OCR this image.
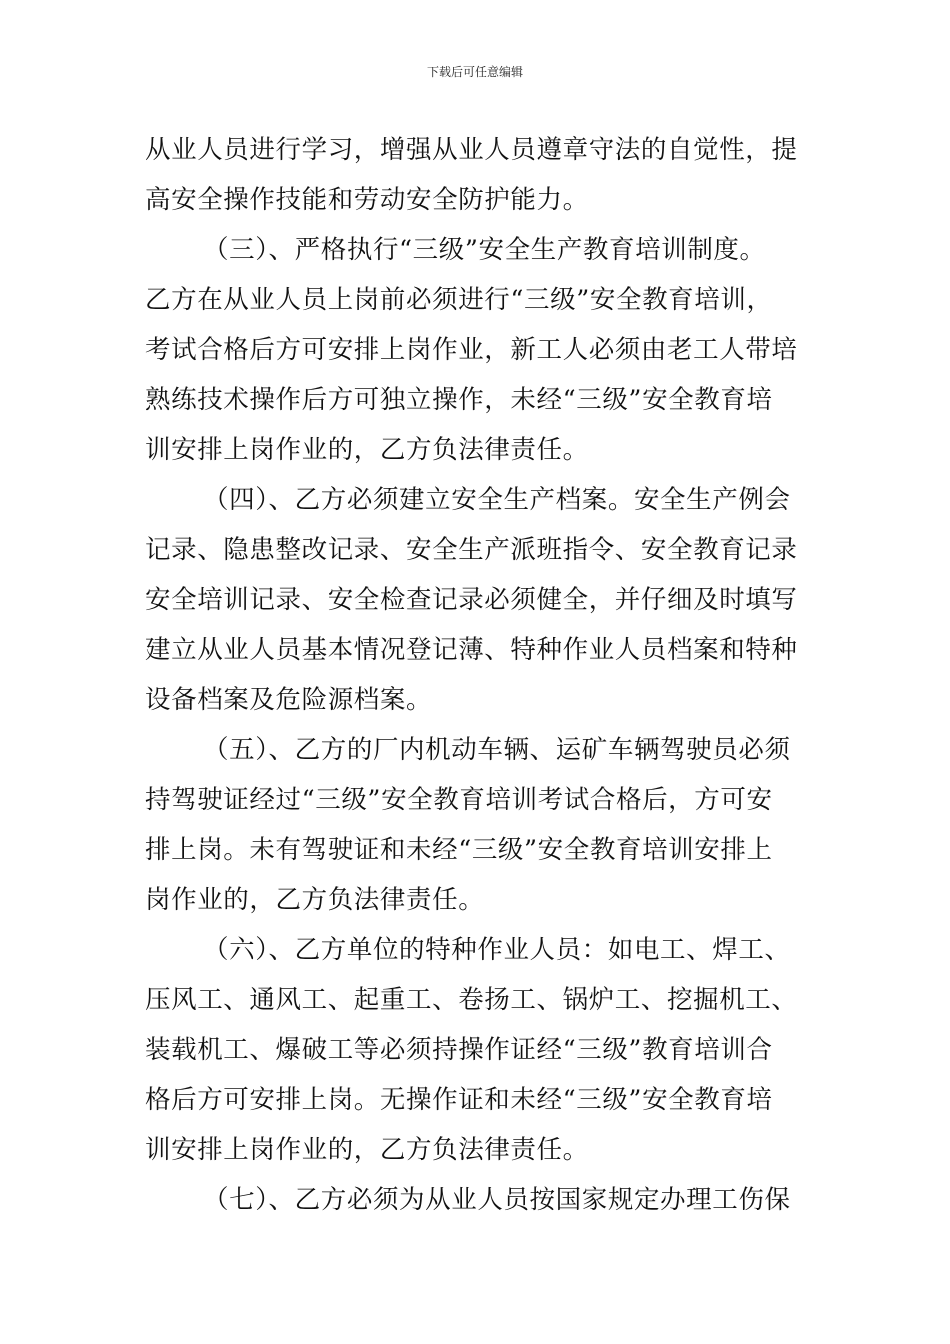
下载后可任意编辑
从业人员进行学习，增强从业人员遵章守法的自觉性，提
高安全操作技能和劳动安全防护能力。
（三）、严格执行“三级”安全生产教育培训制度。
乙方在从业人员上岗前必须进行“三级”安全教育培训，
考试合格后方可安排上岗作业，新工人必须由老工人带培
熟练技术操作后方可独立操作，未经“三级”安全教育培
训安排上岗作业的，乙方负法律责任。
（四）、乙方必须建立安全生产档案。安全生产例会
记录、隐患整改记录、安全生产派班指令、安全教育记录
安全培训记录、安全检查记录必须健全，并仔细及时填写
建立从业人员基本情况登记薄、特种作业人员档案和特种
设备档案及危险源档案。
（五）、乙方的厂内机动车辆、运矿车辆驾驶员必须
持驾驶证经过“三级”安全教育培训考试合格后，方可安
排上岗。未有驾驶证和未经“三级”安全教育培训安排上
岗作业的，乙方负法律责任。
（六）、乙方单位的特种作业人员：如电工、焊工、
压风工、通风工、起重工、卷扬工、锅炉工、挖掘机工、
装载机工、爆破工等必须持操作证经“三级”教育培训合
格后方可安排上岗。无操作证和未经“三级”安全教育培
训安排上岗作业的，乙方负法律责任。
（七）、乙方必须为从业人员按国家规定办理工伤保
